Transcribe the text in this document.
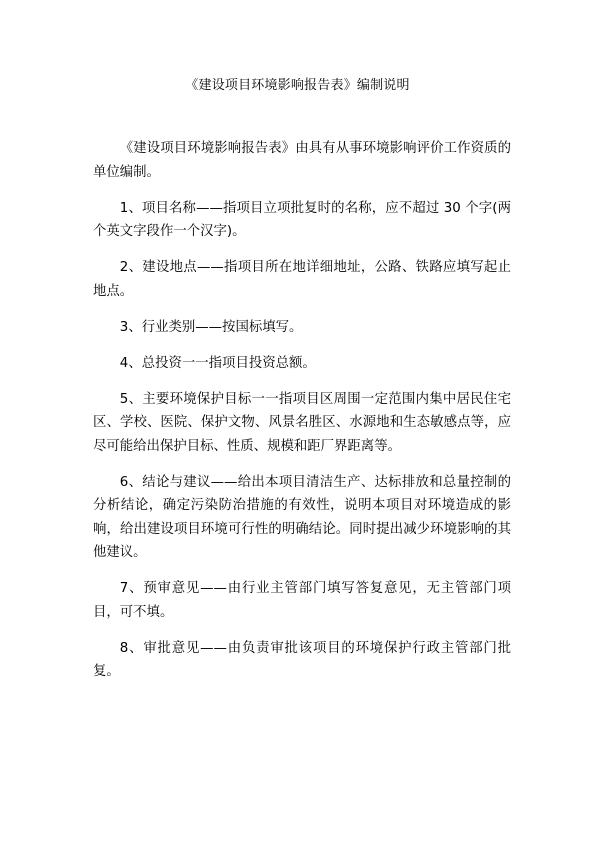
《建设项目环境影响报告表》编制说明

《建设项目环境影响报告表》由具有从事环境影响评价工作资质的单位编制。

1、项目名称——指项目立项批复时的名称，应不超过 30 个字(两个英文字段作一个汉字)。

2、建设地点——指项目所在地详细地址，公路、铁路应填写起止地点。

3、行业类别——按国标填写。

4、总投资一一指项目投资总额。

5、主要环境保护目标一一指项目区周围一定范围内集中居民住宅区、学校、医院、保护文物、风景名胜区、水源地和生态敏感点等，应尽可能给出保护目标、性质、规模和距厂界距离等。

6、结论与建议——给出本项目清洁生产、达标排放和总量控制的分析结论，确定污染防治措施的有效性，说明本项目对环境造成的影响，给出建设项目环境可行性的明确结论。同时提出减少环境影响的其他建议。

7、预审意见——由行业主管部门填写答复意见，无主管部门项目，可不填。

8、审批意见——由负责审批该项目的环境保护行政主管部门批复。
